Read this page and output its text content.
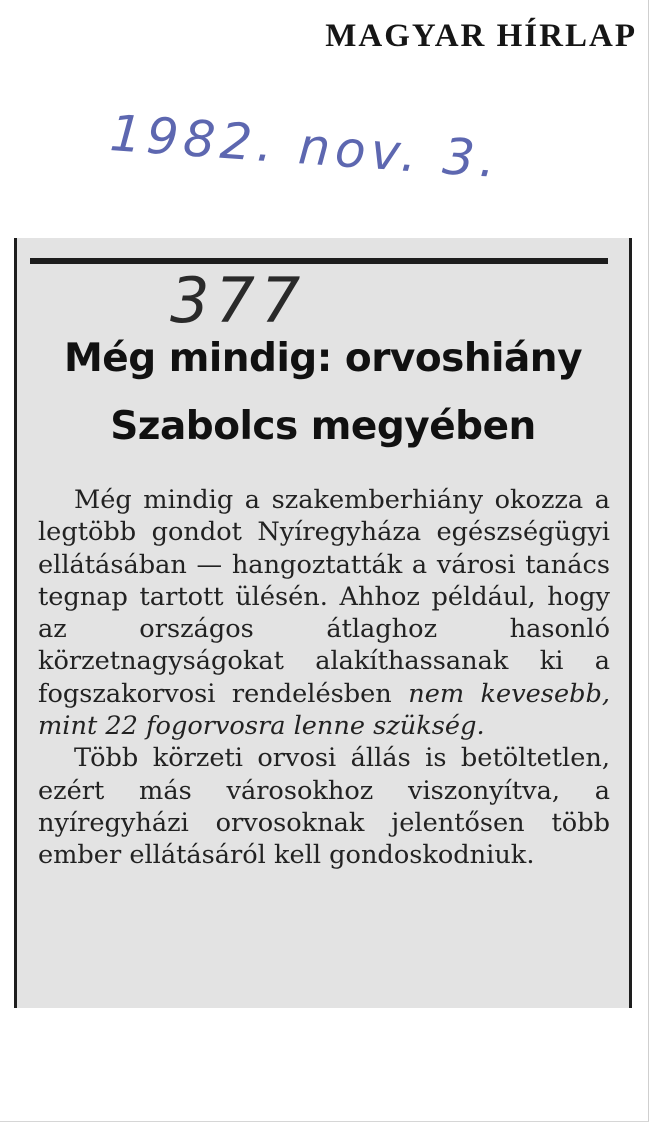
MAGYAR HÍRLAP
1982. nov. 3.
377
Még mindig: orvoshiány
Szabolcs megyében

Még mindig a szakemberhiány okozza a legtöbb gondot Nyíregyháza egészségügyi ellátásában — hangoztatták a városi tanács tegnap tartott ülésén. Ahhoz például, hogy az országos átlaghoz hasonló körzetnagyságokat alakíthassanak ki a fogszakorvosi rendelésben nem kevesebb, mint 22 fogorvosra lenne szükség.

Több körzeti orvosi állás is betöltetlen, ezért más városokhoz viszonyítva, a nyíregyházi orvosoknak jelentősen több ember ellátásáról kell gondoskodniuk.
